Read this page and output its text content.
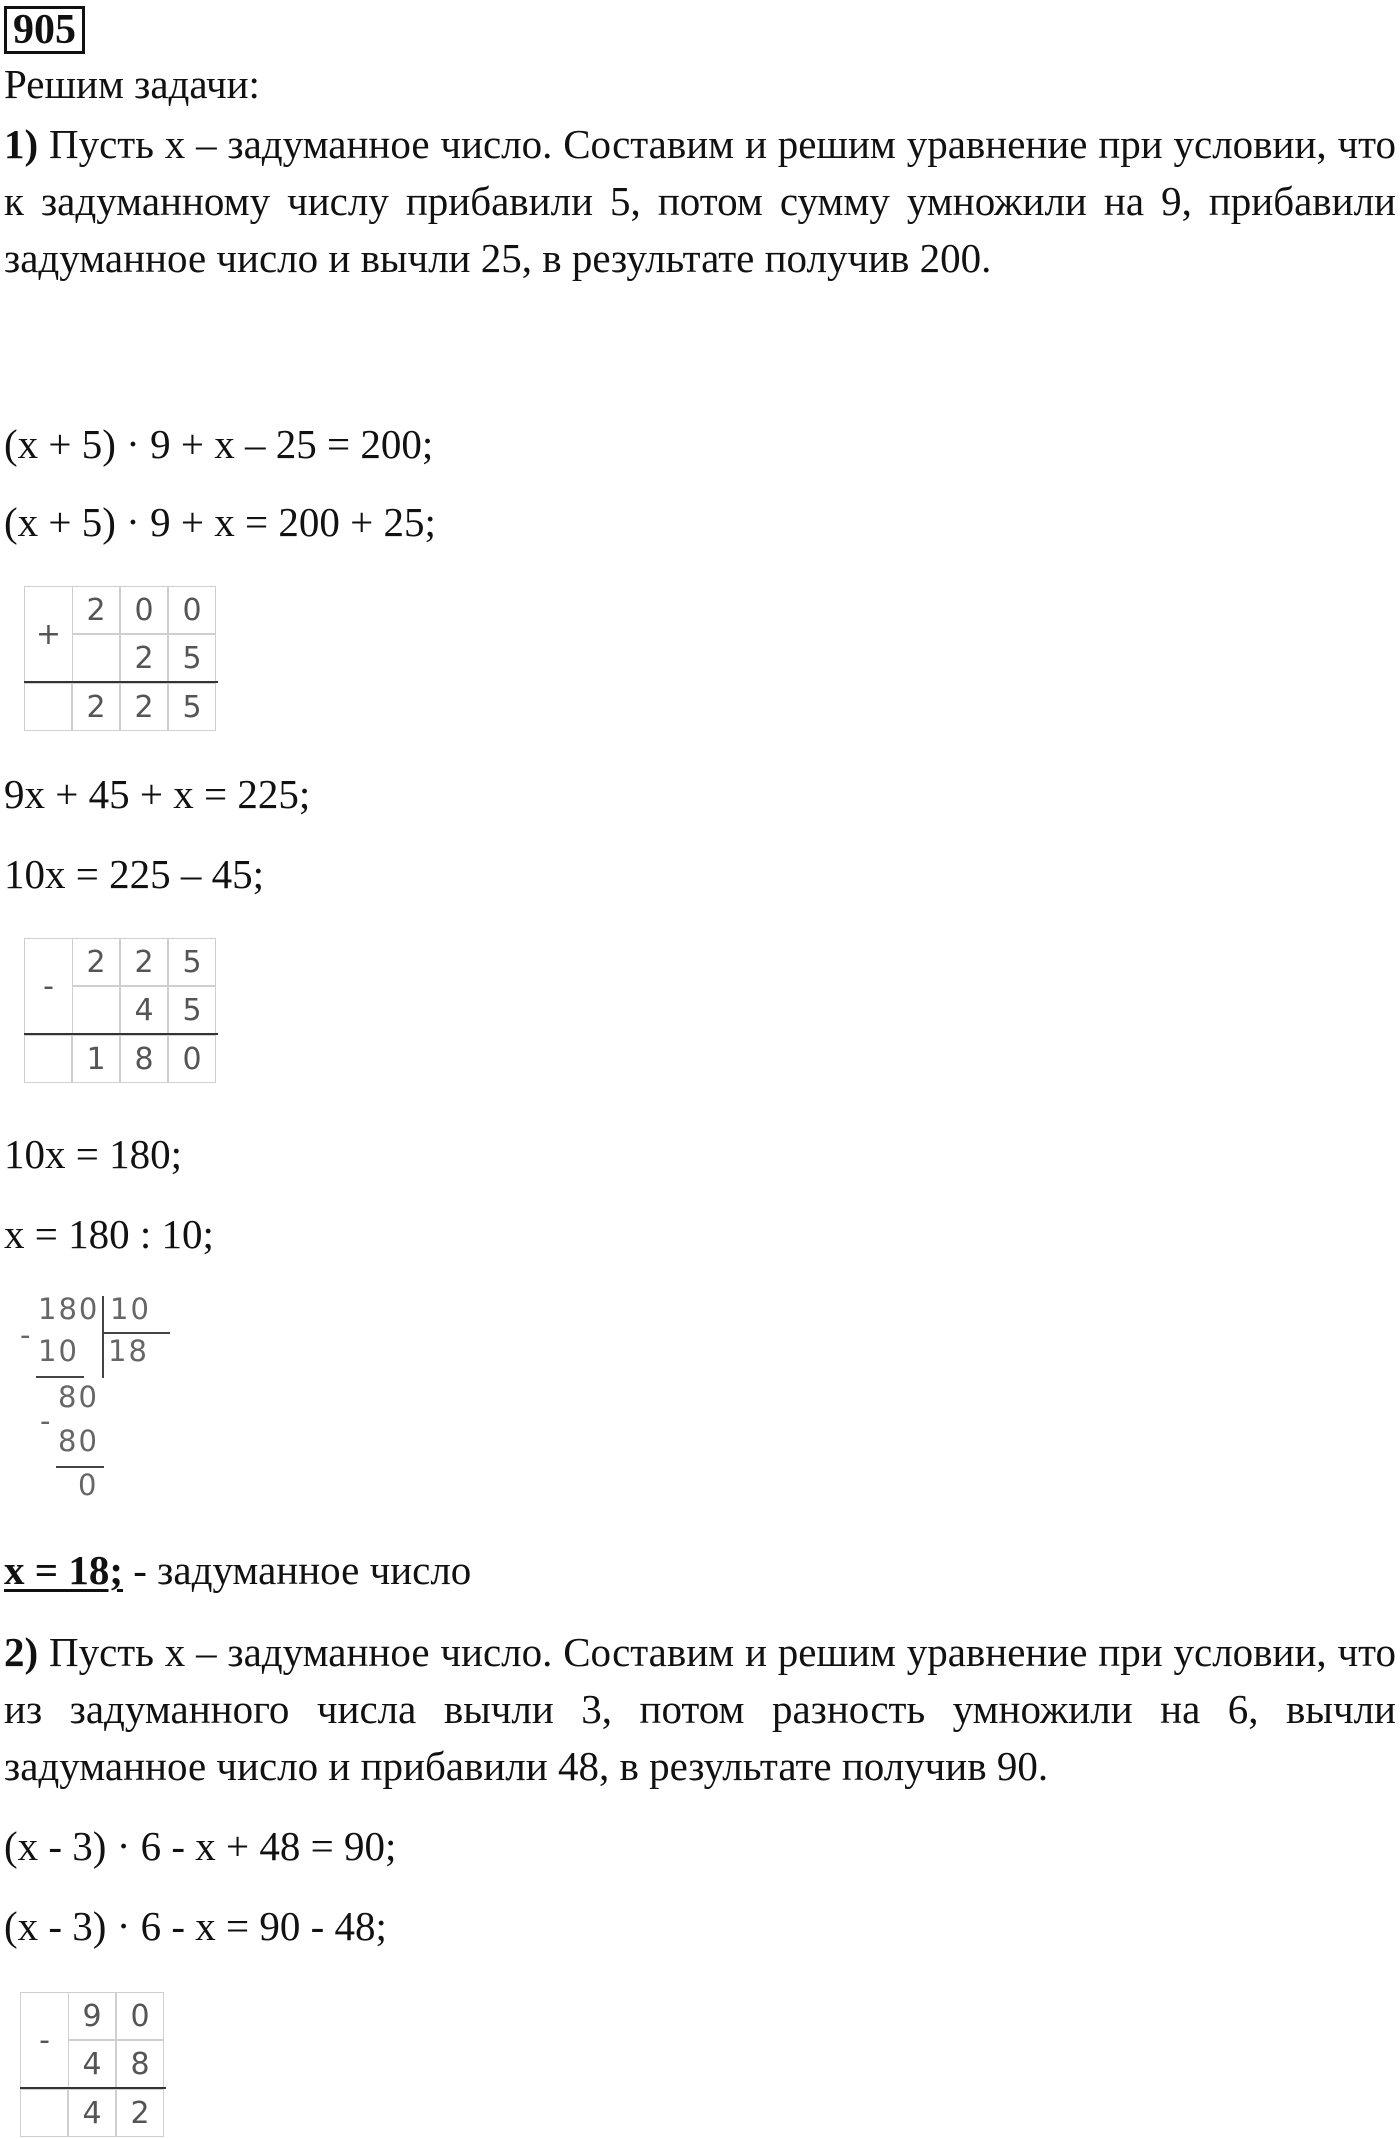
905
Решим задачи:
1) Пусть x – задуманное число. Составим и решим уравнение при условии, что к задуманному числу прибавили 5, потом сумму умножили на 9, прибавили задуманное число и вычли 25, в результате получив 200.
(x + 5) · 9 + x – 25 = 200;
(x + 5) · 9 + x = 200 + 25;
+
2 0 0
2 5
2 2 5
9x + 45 + x = 225;
10x = 225 – 45;
-
2 2 5
4 5
1 8 0
10x = 180;
x = 180 : 10;
180 10
- 10 18
80
-
80
0
x = 18; - задуманное число
2) Пусть x – задуманное число. Составим и решим уравнение при условии, что из задуманного числа вычли 3, потом разность умножили на 6, вычли задуманное число и прибавили 48, в результате получив 90.
(x - 3) · 6 - x + 48 = 90;
(x - 3) · 6 - x = 90 - 48;
-
9 0
4 8
4 2
